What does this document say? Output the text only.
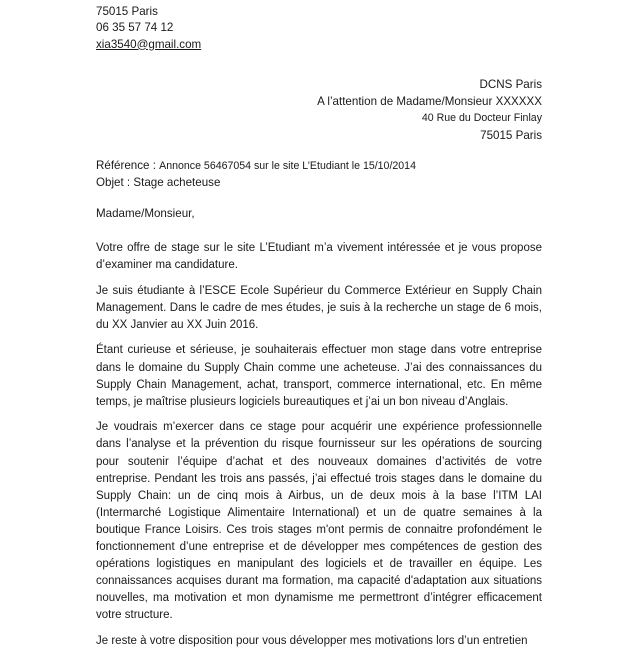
75015 Paris
06 35 57 74 12
xia3540@gmail.com
DCNS Paris
A l’attention de Madame/Monsieur XXXXXX
40 Rue du Docteur Finlay
75015 Paris
Référence : Annonce 56467054 sur le site L’Etudiant le 15/10/2014
Objet : Stage acheteuse
Madame/Monsieur,

Votre offre de stage sur le site L’Etudiant m’a vivement intéressée et je vous propose d’examiner ma candidature.

Je suis étudiante à l’ESCE Ecole Supérieur du Commerce Extérieur en Supply Chain Management. Dans le cadre de mes études, je suis à la recherche un stage de 6 mois, du XX Janvier au XX Juin 2016.

Étant curieuse et sérieuse, je souhaiterais effectuer mon stage dans votre entreprise dans le domaine du Supply Chain comme une acheteuse. J’ai des connaissances du Supply Chain Management, achat, transport, commerce international, etc. En même temps, je maîtrise plusieurs logiciels bureautiques et j’ai un bon niveau d’Anglais.

Je voudrais m’exercer dans ce stage pour acquérir une expérience professionnelle dans l’analyse et la prévention du risque fournisseur sur les opérations de sourcing pour soutenir l’équipe d’achat et des nouveaux domaines d’activités de votre entreprise. Pendant les trois ans passés, j’ai effectué trois stages dans le domaine du Supply Chain: un de cinq mois à Airbus, un de deux mois à la base l’ITM LAI (Intermarché Logistique Alimentaire International) et un de quatre semaines à la boutique France Loisirs. Ces trois stages m'ont permis de connaitre profondément le fonctionnement d’une entreprise et de développer mes compétences de gestion des opérations logistiques en manipulant des logiciels et de travailler en équipe. Les connaissances acquises durant ma formation, ma capacité d'adaptation aux situations nouvelles, ma motivation et mon dynamisme me permettront d’intégrer efficacement votre structure.

Je reste à votre disposition pour vous développer mes motivations lors d’un entretien
